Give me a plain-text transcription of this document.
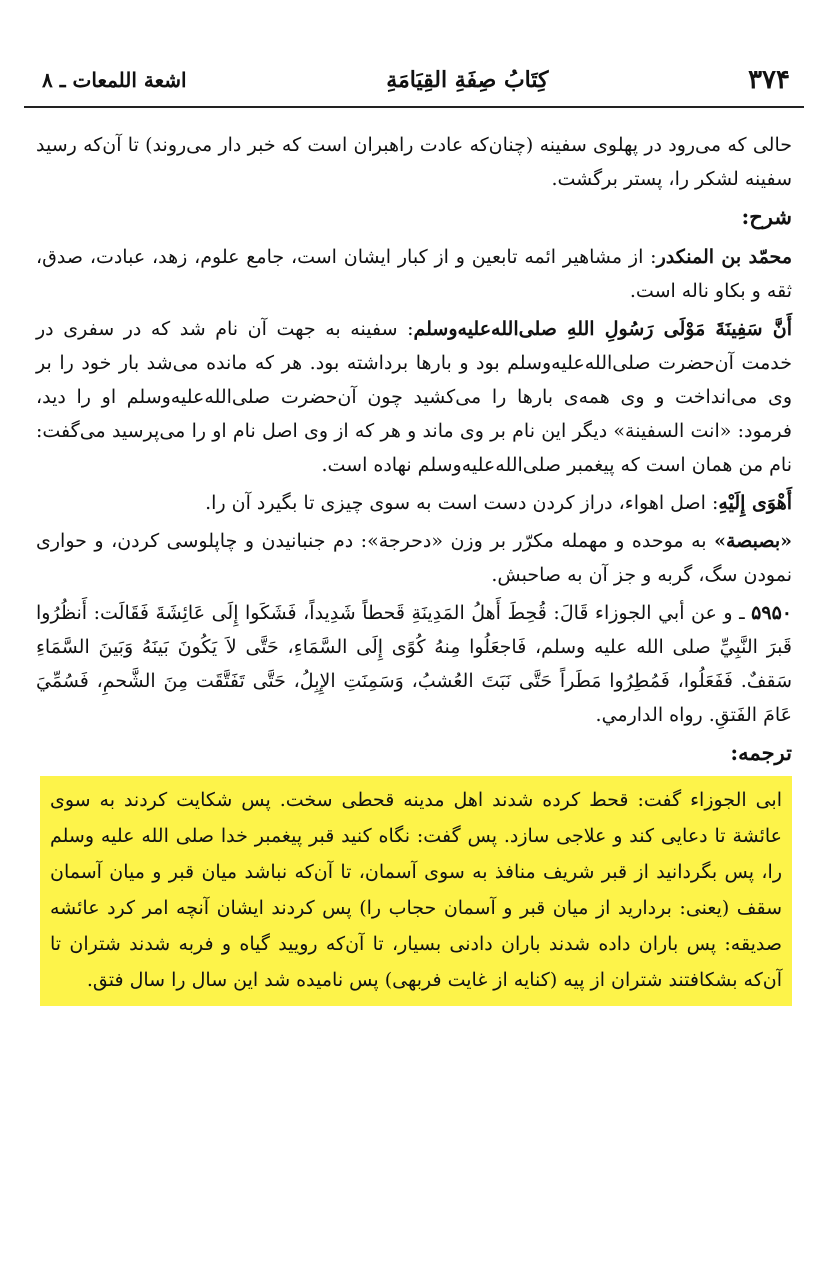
۳۷۴
كِتَابُ صِفَةِ القِيَامَةِ
اشعة اللمعات ـ ۸

حالی که می‌رود در پهلوی سفینه (چنان‌که عادت راهبران است که خبر دار می‌روند) تا آن‌که رسید سفینه لشکر را، پستر برگشت.

شرح:

محمّد بن المنكدر: از مشاهیر ائمه تابعین و از کبار ایشان است، جامع علوم، زهد، عبادت، صدق، ثقه و بکاو ناله است.

أَنَّ سَفِينَةَ مَوْلَى رَسُولِ اللهِ صلى‌الله‌عليه‌وسلم: سفینه به جهت آن نام شد که در سفری در خدمت آن‌حضرت صلی‌الله‌علیه‌وسلم بود و بارها برداشته بود. هر که مانده می‌شد بار خود را بر وی می‌انداخت و وی همه‌ی بارها را می‌کشید چون آن‌حضرت صلی‌الله‌علیه‌وسلم او را دید، فرمود: «انت السفينة» دیگر این نام بر وی ماند و هر که از وی اصل نام او را می‌پرسید می‌گفت: نام من همان است که پیغمبر صلی‌الله‌علیه‌وسلم نهاده است.

أَهْوَى إِلَيْهِ: اصل اهواء، دراز کردن دست است به سوی چیزی تا بگیرد آن را.

«بصبصة» به موحده و مهمله مکرّر بر وزن «دحرجة»: دم جنبانیدن و چاپلوسی کردن، و حواری نمودن سگ، گربه و جز آن به صاحبش.

۵۹۵۰ ـ و عن أبي الجوزاء قَالَ: قُحِطَ أَهلُ المَدِينَةِ قَحطاً شَدِيداً، فَشَكَوا إِلَى عَائِشَةَ فَقَالَت: أَنظُرُوا قَبرَ النَّبِيِّ صلى الله عليه وسلم، فَاجعَلُوا مِنهُ كُوًى إِلَى السَّمَاءِ، حَتَّى لاَ يَكُونَ بَينَهُ وَبَينَ السَّمَاءِ سَقفٌ. فَفَعَلُوا، فَمُطِرُوا مَطَراً حَتَّى نَبَتَ العُشبُ، وَسَمِنَتِ الإِبِلُ، حَتَّى تَفَتَّقَت مِنَ الشَّحمِ، فَسُمِّيَ عَامَ الفَتقِ. رواه الدارمي.

ترجمه:
ابی الجوزاء گفت: قحط کرده شدند اهل مدینه قحطی سخت. پس شکایت کردند به سوی عائشة تا دعایی کند و علاجی سازد. پس گفت: نگاه کنید قبر پیغمبر خدا صلی الله علیه وسلم را، پس بگردانید از قبر شریف منافذ به سوی آسمان، تا آن‌که نباشد میان قبر و میان آسمان سقف (یعنی: بردارید از میان قبر و آسمان حجاب را) پس کردند ایشان آنچه امر کرد عائشه صدیقه: پس باران داده شدند باران دادنی بسیار، تا آن‌که رویید گیاه و فربه شدند شتران تا آن‌که بشکافتند شتران از پیه (کنایه از غایت فربهی) پس نامیده شد این سال را سال فتق.
